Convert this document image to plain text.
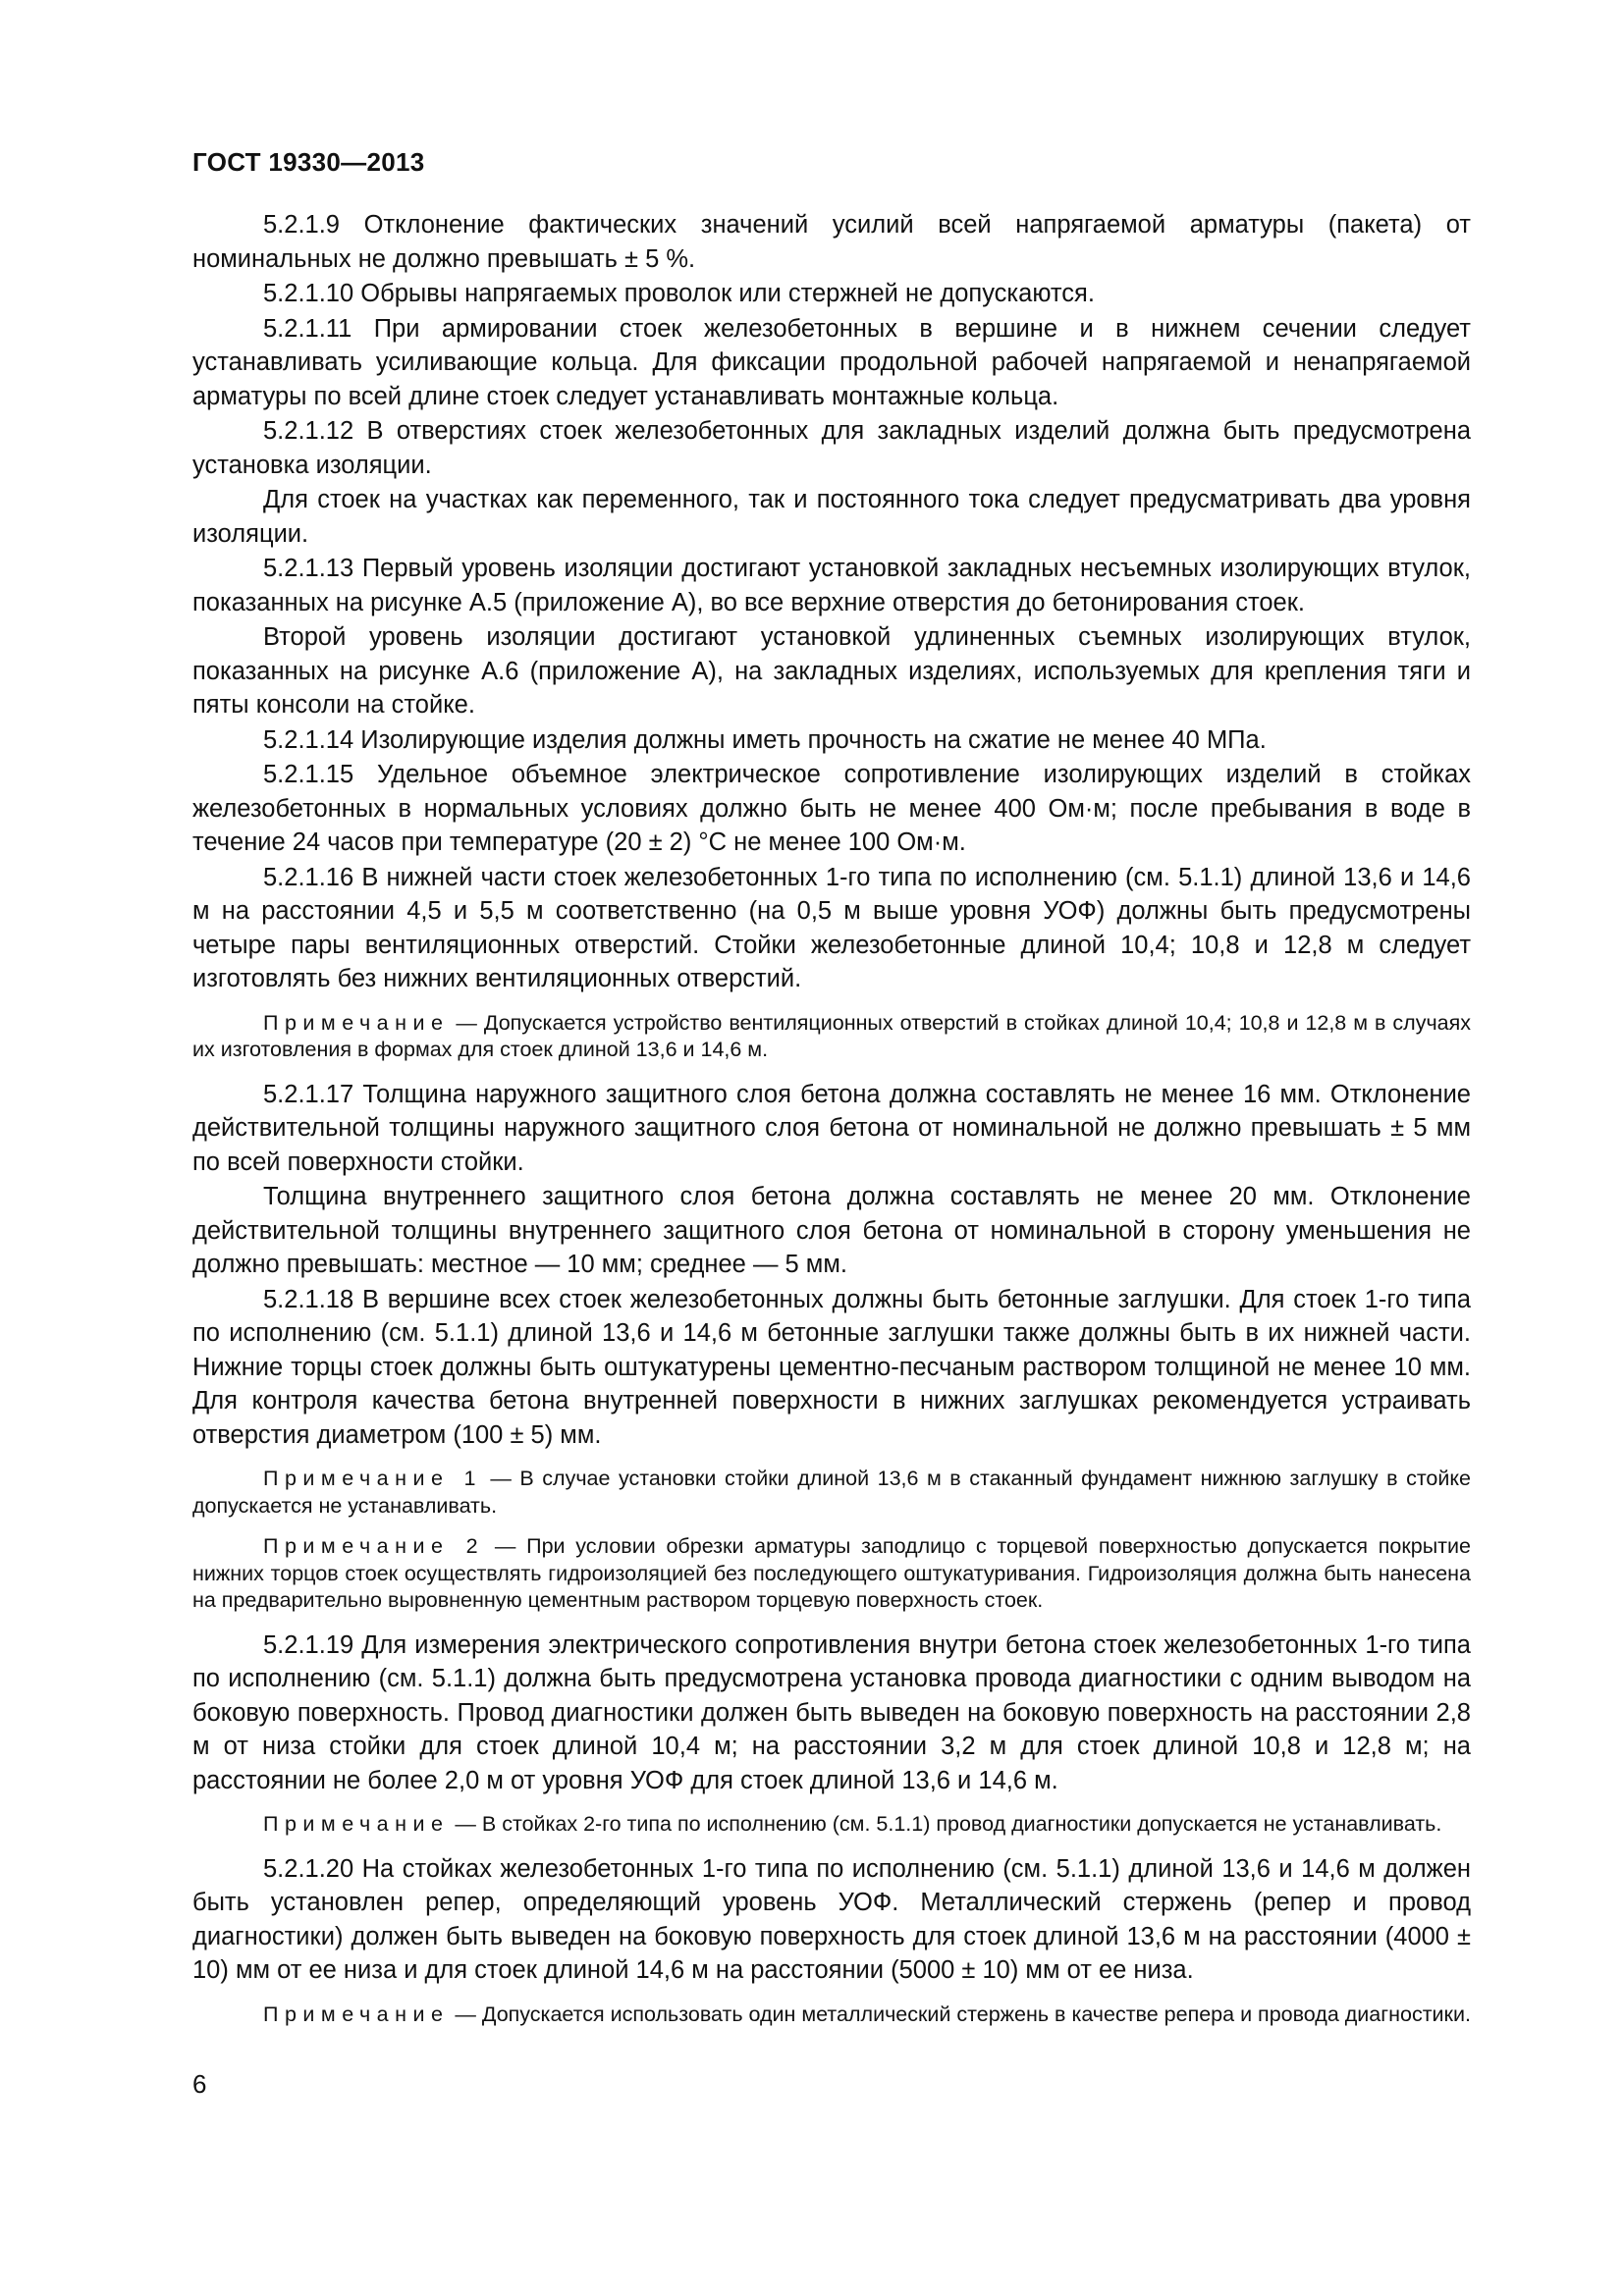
ГОСТ 19330—2013

5.2.1.9 Отклонение фактических значений усилий всей напрягаемой арматуры (пакета) от номинальных не должно превышать ± 5 %.

5.2.1.10 Обрывы напрягаемых проволок или стержней не допускаются.

5.2.1.11 При армировании стоек железобетонных в вершине и в нижнем сечении следует устанавливать усиливающие кольца. Для фиксации продольной рабочей напрягаемой и ненапрягаемой арматуры по всей длине стоек следует устанавливать монтажные кольца.

5.2.1.12 В отверстиях стоек железобетонных для закладных изделий должна быть предусмотрена установка изоляции.

Для стоек на участках как переменного, так и постоянного тока следует предусматривать два уровня изоляции.

5.2.1.13 Первый уровень изоляции достигают установкой закладных несъемных изолирующих втулок, показанных на рисунке А.5 (приложение А), во все верхние отверстия до бетонирования стоек.

Второй уровень изоляции достигают установкой удлиненных съемных изолирующих втулок, показанных на рисунке А.6 (приложение А), на закладных изделиях, используемых для крепления тяги и пяты консоли на стойке.

5.2.1.14 Изолирующие изделия должны иметь прочность на сжатие не менее 40 МПа.

5.2.1.15 Удельное объемное электрическое сопротивление изолирующих изделий в стойках железобетонных в нормальных условиях должно быть не менее 400 Ом·м; после пребывания в воде в течение 24 часов при температуре (20 ± 2) °С не менее 100 Ом·м.

5.2.1.16 В нижней части стоек железобетонных 1-го типа по исполнению (см. 5.1.1) длиной 13,6 и 14,6 м на расстоянии 4,5 и 5,5 м соответственно (на 0,5 м выше уровня УОФ) должны быть предусмотрены четыре пары вентиляционных отверстий. Стойки железобетонные длиной 10,4; 10,8 и 12,8 м следует изготовлять без нижних вентиляционных отверстий.

Примечание — Допускается устройство вентиляционных отверстий в стойках длиной 10,4; 10,8 и 12,8 м в случаях их изготовления в формах для стоек длиной 13,6 и 14,6 м.

5.2.1.17 Толщина наружного защитного слоя бетона должна составлять не менее 16 мм. Отклонение действительной толщины наружного защитного слоя бетона от номинальной не должно превышать ± 5 мм по всей поверхности стойки.

Толщина внутреннего защитного слоя бетона должна составлять не менее 20 мм. Отклонение действительной толщины внутреннего защитного слоя бетона от номинальной в сторону уменьшения не должно превышать: местное — 10 мм; среднее — 5 мм.

5.2.1.18 В вершине всех стоек железобетонных должны быть бетонные заглушки. Для стоек 1-го типа по исполнению (см. 5.1.1) длиной 13,6 и 14,6 м бетонные заглушки также должны быть в их нижней части. Нижние торцы стоек должны быть оштукатурены цементно-песчаным раствором толщиной не менее 10 мм. Для контроля качества бетона внутренней поверхности в нижних заглушках рекомендуется устраивать отверстия диаметром (100 ± 5) мм.

Примечание 1 — В случае установки стойки длиной 13,6 м в стаканный фундамент нижнюю заглушку в стойке допускается не устанавливать.

Примечание 2 — При условии обрезки арматуры заподлицо с торцевой поверхностью допускается покрытие нижних торцов стоек осуществлять гидроизоляцией без последующего оштукатуривания. Гидроизоляция должна быть нанесена на предварительно выровненную цементным раствором торцевую поверхность стоек.

5.2.1.19 Для измерения электрического сопротивления внутри бетона стоек железобетонных 1-го типа по исполнению (см. 5.1.1) должна быть предусмотрена установка провода диагностики с одним выводом на боковую поверхность. Провод диагностики должен быть выведен на боковую поверхность на расстоянии 2,8 м от низа стойки для стоек длиной 10,4 м; на расстоянии 3,2 м для стоек длиной 10,8 и 12,8 м; на расстоянии не более 2,0 м от уровня УОФ для стоек длиной 13,6 и 14,6 м.

Примечание — В стойках 2-го типа по исполнению (см. 5.1.1) провод диагностики допускается не устанавливать.

5.2.1.20 На стойках железобетонных 1-го типа по исполнению (см. 5.1.1) длиной 13,6 и 14,6 м должен быть установлен репер, определяющий уровень УОФ. Металлический стержень (репер и провод диагностики) должен быть выведен на боковую поверхность для стоек длиной 13,6 м на расстоянии (4000 ± 10) мм от ее низа и для стоек длиной 14,6 м на расстоянии (5000 ± 10) мм от ее низа.

Примечание — Допускается использовать один металлический стержень в качестве репера и провода диагностики.

6
